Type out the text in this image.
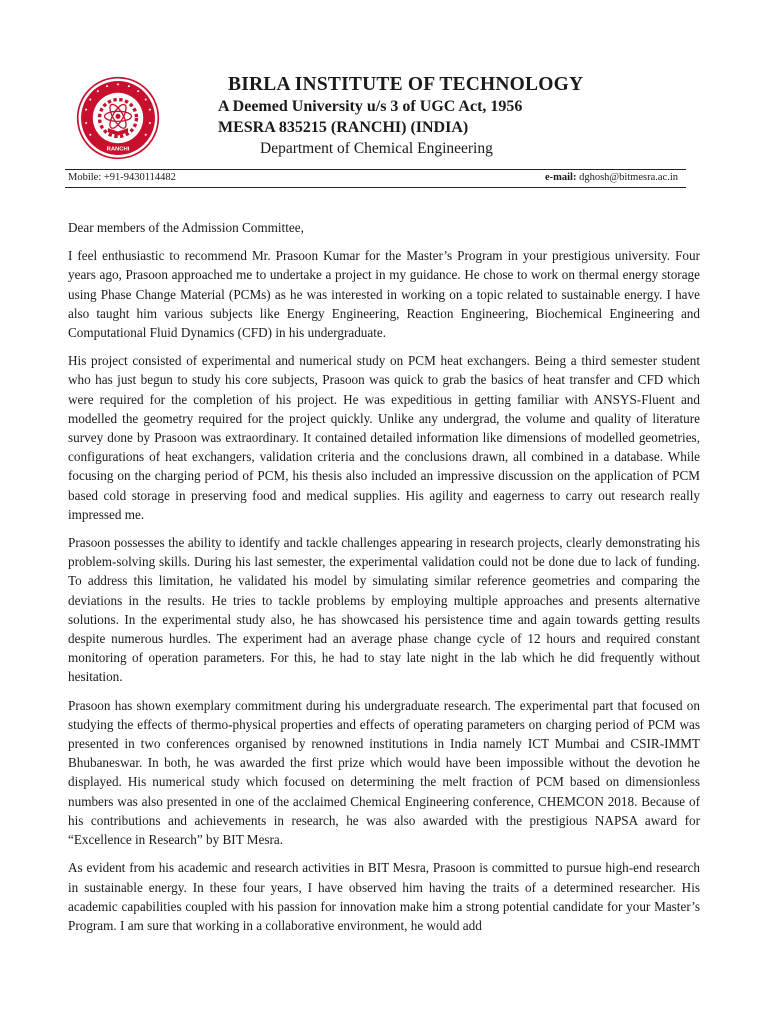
RANCHI
BIRLA INSTITUTE OF TECHNOLOGY
A Deemed University u/s 3 of UGC Act, 1956
MESRA 835215 (RANCHI) (INDIA)
Department of Chemical Engineering
Mobile: +91-9430114482	e-mail: dghosh@bitmesra.ac.in

Dear members of the Admission Committee,

I feel enthusiastic to recommend Mr. Prasoon Kumar for the Master’s Program in your prestigious university. Four years ago, Prasoon approached me to undertake a project in my guidance. He chose to work on thermal energy storage using Phase Change Material (PCMs) as he was interested in working on a topic related to sustainable energy. I have also taught him various subjects like Energy Engineering, Reaction Engineering, Biochemical Engineering and Computational Fluid Dynamics (CFD) in his undergraduate.

His project consisted of experimental and numerical study on PCM heat exchangers. Being a third semester student who has just begun to study his core subjects, Prasoon was quick to grab the basics of heat transfer and CFD which were required for the completion of his project. He was expeditious in getting familiar with ANSYS-Fluent and modelled the geometry required for the project quickly. Unlike any undergrad, the volume and quality of literature survey done by Prasoon was extraordinary. It contained detailed information like dimensions of modelled geometries, configurations of heat exchangers, validation criteria and the conclusions drawn, all combined in a database. While focusing on the charging period of PCM, his thesis also included an impressive discussion on the application of PCM based cold storage in preserving food and medical supplies. His agility and eagerness to carry out research really impressed me.

Prasoon possesses the ability to identify and tackle challenges appearing in research projects, clearly demonstrating his problem-solving skills. During his last semester, the experimental validation could not be done due to lack of funding. To address this limitation, he validated his model by simulating similar reference geometries and comparing the deviations in the results. He tries to tackle problems by employing multiple approaches and presents alternative solutions. In the experimental study also, he has showcased his persistence time and again towards getting results despite numerous hurdles. The experiment had an average phase change cycle of 12 hours and required constant monitoring of operation parameters. For this, he had to stay late night in the lab which he did frequently without hesitation.

Prasoon has shown exemplary commitment during his undergraduate research. The experimental part that focused on studying the effects of thermo-physical properties and effects of operating parameters on charging period of PCM was presented in two conferences organised by renowned institutions in India namely ICT Mumbai and CSIR-IMMT Bhubaneswar. In both, he was awarded the first prize which would have been impossible without the devotion he displayed. His numerical study which focused on determining the melt fraction of PCM based on dimensionless numbers was also presented in one of the acclaimed Chemical Engineering conference, CHEMCON 2018. Because of his contributions and achievements in research, he was also awarded with the prestigious NAPSA award for “Excellence in Research” by BIT Mesra.

As evident from his academic and research activities in BIT Mesra, Prasoon is committed to pursue high-end research in sustainable energy. In these four years, I have observed him having the traits of a determined researcher. His academic capabilities coupled with his passion for innovation make him a strong potential candidate for your Master’s Program. I am sure that working in a collaborative environment, he would add
